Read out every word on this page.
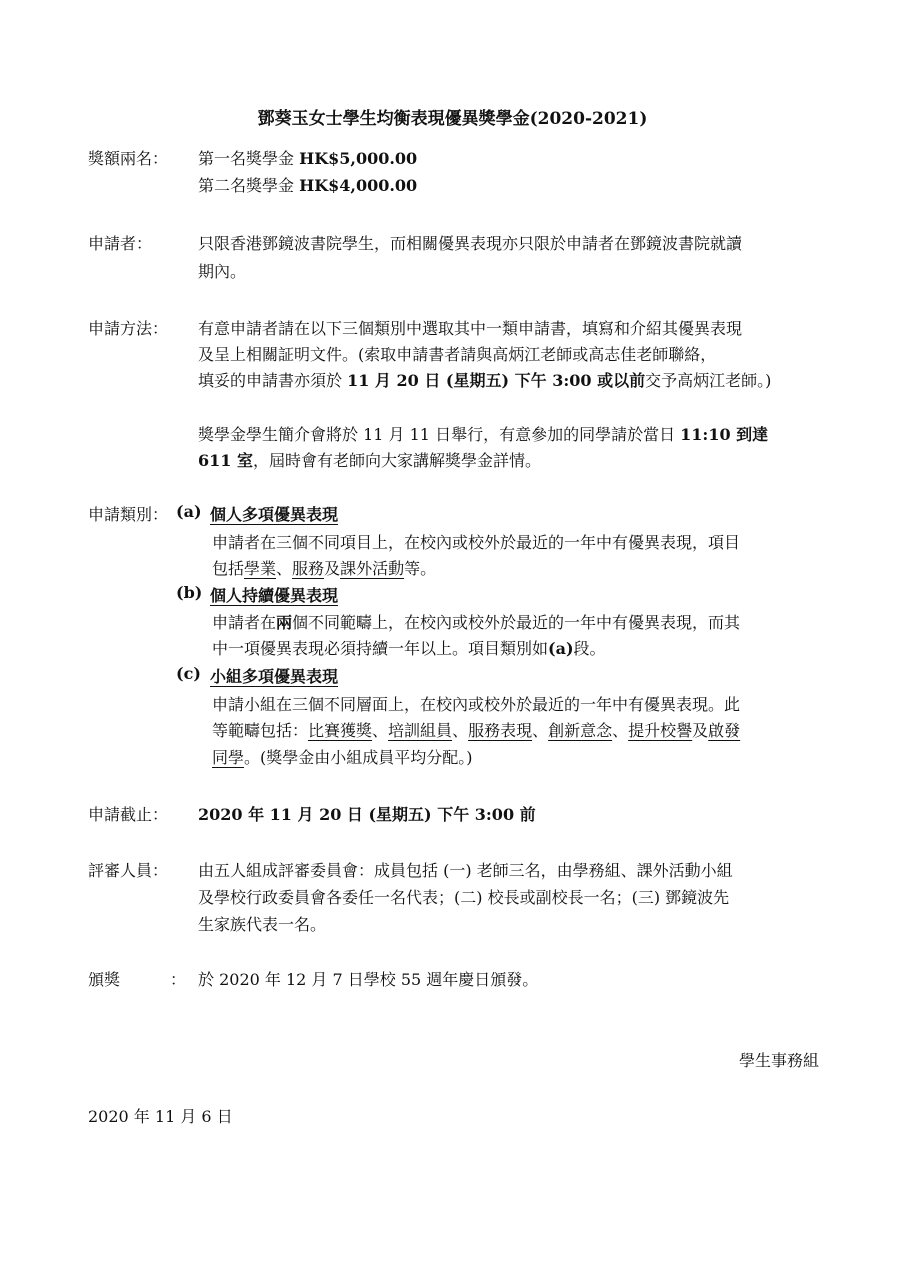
鄧葵玉女士學生均衡表現優異獎學金(2020-2021)
獎額兩名： 第一名獎學金 HK$5,000.00
第二名獎學金 HK$4,000.00
申請者：	只限香港鄧鏡波書院學生，而相關優異表現亦只限於申請者在鄧鏡波書院就讀
期內。
申請方法： 有意申請者請在以下三個類別中選取其中一類申請書，填寫和介紹其優異表現
及呈上相關証明文件。(索取申請書者請與高炳江老師或高志佳老師聯絡，
填妥的申請書亦須於 11 月 20 日 (星期五) 下午 3:00 或以前交予高炳江老師。)
獎學金學生簡介會將於 11 月 11 日舉行，有意參加的同學請於當日 11:10 到達
611 室，屆時會有老師向大家講解獎學金詳情。
申請類別： (a) 個人多項優異表現
申請者在三個不同項目上，在校內或校外於最近的一年中有優異表現，項目
包括學業、服務及課外活動等。
(b) 個人持續優異表現
申請者在兩個不同範疇上，在校內或校外於最近的一年中有優異表現，而其
中一項優異表現必須持續一年以上。項目類別如(a)段。
(c) 小組多項優異表現
申請小組在三個不同層面上，在校內或校外於最近的一年中有優異表現。此
等範疇包括：比賽獲獎、培訓組員、服務表現、創新意念、提升校譽及啟發
同學。(獎學金由小組成員平均分配。)
申請截止： 2020 年 11 月 20 日 (星期五) 下午 3:00 前
評審人員： 由五人組成評審委員會：成員包括 (一) 老師三名，由學務組、課外活動小組
及學校行政委員會各委任一名代表；(二) 校長或副校長一名；(三) 鄧鏡波先
生家族代表一名。
頒獎	： 於 2020 年 12 月 7 日學校 55 週年慶日頒發。
學生事務組
2020 年 11 月 6 日
